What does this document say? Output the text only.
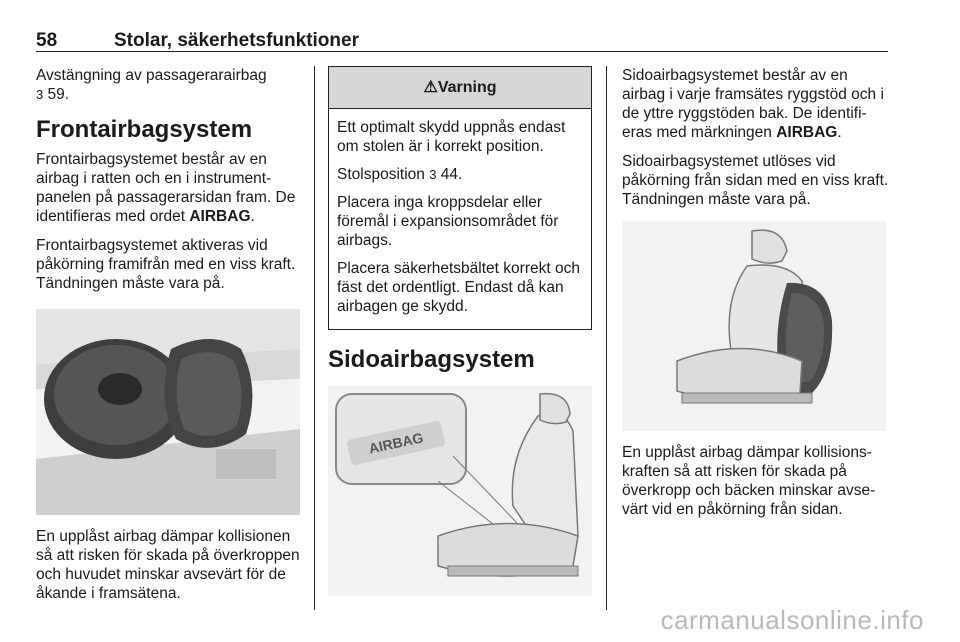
58	Stolar, säkerhetsfunktioner

Avstängning av passagerarairbag
3 59.

Frontairbagsystem

Frontairbagsystemet består av en airbag i ratten och en i instrumentpanelen på passagerarsidan fram. De identifieras med ordet AIRBAG.

Frontairbagsystemet aktiveras vid påkörning framifrån med en viss kraft. Tändningen måste vara på.

En upplåst airbag dämpar kollisionen så att risken för skada på överkroppen och huvudet minskar avsevärt för de åkande i framsätena.

⚠Varning

Ett optimalt skydd uppnås endast om stolen är i korrekt position.

Stolsposition 3 44.

Placera inga kroppsdelar eller föremål i expansionsområdet för airbags.

Placera säkerhetsbältet korrekt och fäst det ordentligt. Endast då kan airbagen ge skydd.

Sidoairbagsystem
AIRBAG

Sidoairbagsystemet består av en airbag i varje framsätes ryggstöd och i de yttre ryggstöden bak. De identifieras med märkningen AIRBAG.

Sidoairbagsystemet utlöses vid påkörning från sidan med en viss kraft. Tändningen måste vara på.

En upplåst airbag dämpar kollisionskraften så att risken för skada på överkropp och bäcken minskar avsevärt vid en påkörning från sidan.

carmanualsonline.info
